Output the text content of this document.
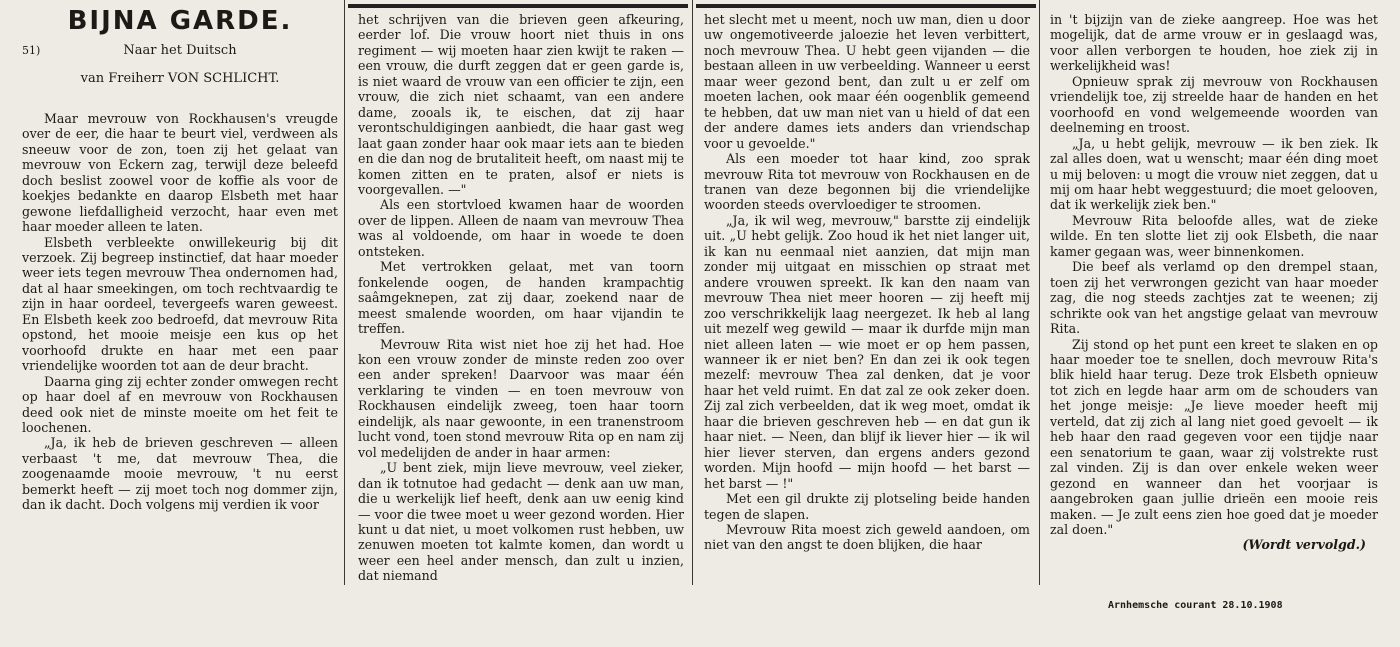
BIJNA GARDE.
51)	Naar het Duitsch
van Freiherr VON SCHLICHT.

Maar mevrouw von Rockhausen's vreugde over de eer, die haar te beurt viel, verdween als sneeuw voor de zon, toen zij het gelaat van mevrouw von Eckern zag, terwijl deze beleefd doch beslist zoowel voor de koffie als voor de koekjes bedankte en daarop Elsbeth met haar gewone liefdalligheid verzocht, haar even met haar moeder alleen te laten.

Elsbeth verbleekte onwillekeurig bij dit verzoek. Zij begreep instinctief, dat haar moeder weer iets tegen mevrouw Thea ondernomen had, dat al haar smeekingen, om toch rechtvaardig te zijn in haar oordeel, tevergeefs waren geweest. En Elsbeth keek zoo bedroefd, dat mevrouw Rita opstond, het mooie meisje een kus op het voorhoofd drukte en haar met een paar vriendelijke woorden tot aan de deur bracht.

Daarna ging zij echter zonder omwegen recht op haar doel af en mevrouw von Rockhausen deed ook niet de minste moeite om het feit te loochenen.

„Ja, ik heb de brieven geschreven — alleen verbaast 't me, dat mevrouw Thea, die zoogenaamde mooie mevrouw, 't nu eerst bemerkt heeft — zij moet toch nog dommer zijn, dan ik dacht. Doch volgens mij verdien ik voor

het schrijven van die brieven geen afkeuring, eerder lof. Die vrouw hoort niet thuis in ons regiment — wij moeten haar zien kwijt te raken — een vrouw, die durft zeggen dat er geen garde is, is niet waard de vrouw van een officier te zijn, een vrouw, die zich niet schaamt, van een andere dame, zooals ik, te eischen, dat zij haar verontschuldigingen aanbiedt, die haar gast weg laat gaan zonder haar ook maar iets aan te bieden en die dan nog de brutaliteit heeft, om naast mij te komen zitten en te praten, alsof er niets is voorgevallen. —"

Als een stortvloed kwamen haar de woorden over de lippen. Alleen de naam van mevrouw Thea was al voldoende, om haar in woede te doen ontsteken.

Met vertrokken gelaat, met van toorn fonkelende oogen, de handen krampachtig saâmgeknepen, zat zij daar, zoekend naar de meest smalende woorden, om haar vijandin te treffen.

Mevrouw Rita wist niet hoe zij het had. Hoe kon een vrouw zonder de minste reden zoo over een ander spreken! Daarvoor was maar één verklaring te vinden — en toen mevrouw von Rockhausen eindelijk zweeg, toen haar toorn eindelijk, als naar gewoonte, in een tranenstroom lucht vond, toen stond mevrouw Rita op en nam zij vol medelijden de ander in haar armen:

„U bent ziek, mijn lieve mevrouw, veel zieker, dan ik totnutoe had gedacht — denk aan uw man, die u werkelijk lief heeft, denk aan uw eenig kind — voor die twee moet u weer gezond worden. Hier kunt u dat niet, u moet volkomen rust hebben, uw zenuwen moeten tot kalmte komen, dan wordt u weer een heel ander mensch, dan zult u inzien, dat niemand

het slecht met u meent, noch uw man, dien u door uw ongemotiveerde jaloezie het leven verbittert, noch mevrouw Thea. U hebt geen vijanden — die bestaan alleen in uw verbeelding. Wanneer u eerst maar weer gezond bent, dan zult u er zelf om moeten lachen, ook maar één oogenblik gemeend te hebben, dat uw man niet van u hield of dat een der andere dames iets anders dan vriendschap voor u gevoelde."

Als een moeder tot haar kind, zoo sprak mevrouw Rita tot mevrouw von Rockhausen en de tranen van deze begonnen bij die vriendelijke woorden steeds overvloediger te stroomen.

„Ja, ik wil weg, mevrouw," barstte zij eindelijk uit. „U hebt gelijk. Zoo houd ik het niet langer uit, ik kan nu eenmaal niet aanzien, dat mijn man zonder mij uitgaat en misschien op straat met andere vrouwen spreekt. Ik kan den naam van mevrouw Thea niet meer hooren — zij heeft mij zoo verschrikkelijk laag neergezet. Ik heb al lang uit mezelf weg gewild — maar ik durfde mijn man niet alleen laten — wie moet er op hem passen, wanneer ik er niet ben? En dan zei ik ook tegen mezelf: mevrouw Thea zal denken, dat je voor haar het veld ruimt. En dat zal ze ook zeker doen. Zij zal zich verbeelden, dat ik weg moet, omdat ik haar die brieven geschreven heb — en dat gun ik haar niet. — Neen, dan blijf ik liever hier — ik wil hier liever sterven, dan ergens anders gezond worden. Mijn hoofd — mijn hoofd — het barst — het barst — !"

Met een gil drukte zij plotseling beide handen tegen de slapen.

Mevrouw Rita moest zich geweld aandoen, om niet van den angst te doen blijken, die haar

in 't bijzijn van de zieke aangreep. Hoe was het mogelijk, dat de arme vrouw er in geslaagd was, voor allen verborgen te houden, hoe ziek zij in werkelijkheid was!

Opnieuw sprak zij mevrouw von Rockhausen vriendelijk toe, zij streelde haar de handen en het voorhoofd en vond welgemeende woorden van deelneming en troost.

„Ja, u hebt gelijk, mevrouw — ik ben ziek. Ik zal alles doen, wat u wenscht; maar één ding moet u mij beloven: u mogt die vrouw niet zeggen, dat u mij om haar hebt weggestuurd; die moet gelooven, dat ik werkelijk ziek ben."

Mevrouw Rita beloofde alles, wat de zieke wilde. En ten slotte liet zij ook Elsbeth, die naar kamer gegaan was, weer binnenkomen.

Die beef als verlamd op den drempel staan, toen zij het verwrongen gezicht van haar moeder zag, die nog steeds zachtjes zat te weenen; zij schrikte ook van het angstige gelaat van mevrouw Rita.

Zij stond op het punt een kreet te slaken en op haar moeder toe te snellen, doch mevrouw Rita's blik hield haar terug. Deze trok Elsbeth opnieuw tot zich en legde haar arm om de schouders van het jonge meisje: „Je lieve moeder heeft mij verteld, dat zij zich al lang niet goed gevoelt — ik heb haar den raad gegeven voor een tijdje naar een senatorium te gaan, waar zij volstrekte rust zal vinden. Zij is dan over enkele weken weer gezond en wanneer dan het voorjaar is aangebroken gaan jullie drieën een mooie reis maken. — Je zult eens zien hoe goed dat je moeder zal doen."

(Wordt vervolgd.)

Arnhemsche courant 28.10.1908
